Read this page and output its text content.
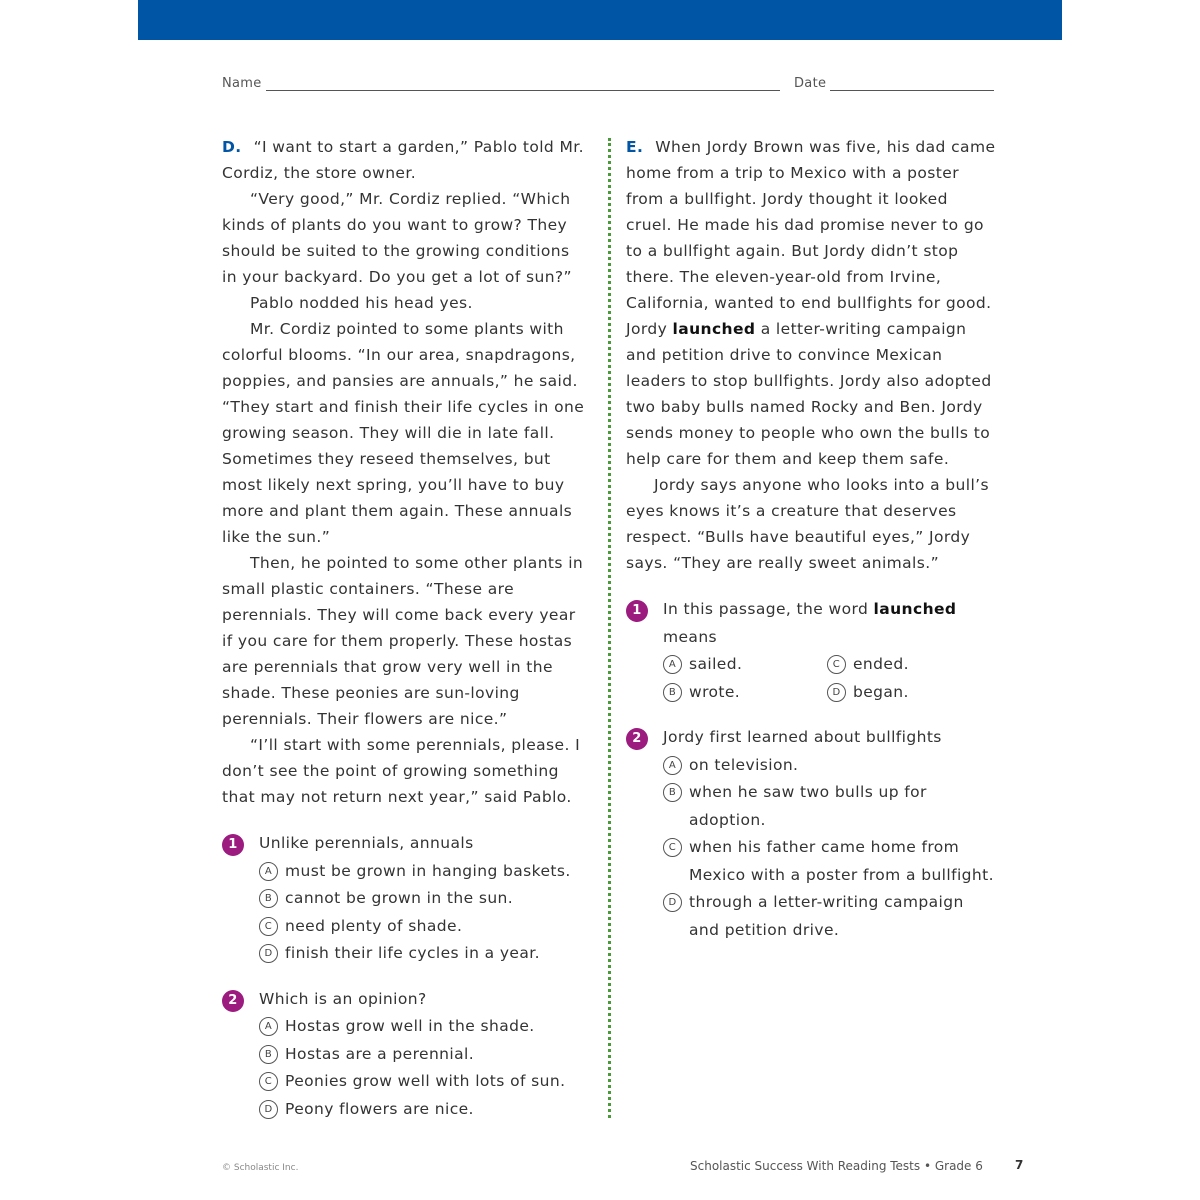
Name	Date

D. “I want to start a garden,” Pablo told Mr. Cordiz, the store owner.

“Very good,” Mr. Cordiz replied. “Which kinds of plants do you want to grow? They should be suited to the growing conditions in your backyard. Do you get a lot of sun?”

Pablo nodded his head yes.

Mr. Cordiz pointed to some plants with colorful blooms. “In our area, snapdragons, poppies, and pansies are annuals,” he said. “They start and finish their life cycles in one growing season. They will die in late fall. Sometimes they reseed themselves, but most likely next spring, you’ll have to buy more and plant them again. These annuals like the sun.”

Then, he pointed to some other plants in small plastic containers. “These are perennials. They will come back every year if you care for them properly. These hostas are perennials that grow very well in the shade. These peonies are sun-loving perennials. Their flowers are nice.”

“I’ll start with some perennials, please. I don’t see the point of growing something that may not return next year,” said Pablo.

1	Unlike perennials, annuals
A must be grown in hanging baskets.
B cannot be grown in the sun.
C need plenty of shade.
D finish their life cycles in a year.
2	Which is an opinion?
A Hostas grow well in the shade.
B Hostas are a perennial.
C Peonies grow well with lots of sun.
D Peony flowers are nice.

E. When Jordy Brown was five, his dad came home from a trip to Mexico with a poster from a bullfight. Jordy thought it looked cruel. He made his dad promise never to go to a bullfight again. But Jordy didn’t stop there. The eleven-year-old from Irvine, California, wanted to end bullfights for good. Jordy launched a letter-writing campaign and petition drive to convince Mexican leaders to stop bullfights. Jordy also adopted two baby bulls named Rocky and Ben. Jordy sends money to people who own the bulls to help care for them and keep them safe.

Jordy says anyone who looks into a bull’s eyes knows it’s a creature that deserves respect. “Bulls have beautiful eyes,” Jordy says. “They are really sweet animals.”

1	In this passage, the word launched means
A sailed.	C ended.
B wrote.	D began.
2	Jordy first learned about bullfights
A on television.
B when he saw two bulls up for adoption.
C when his father came home from Mexico with a poster from a bullfight.
D through a letter-writing campaign and petition drive.
© Scholastic Inc.	Scholastic Success With Reading Tests • Grade 6	7
